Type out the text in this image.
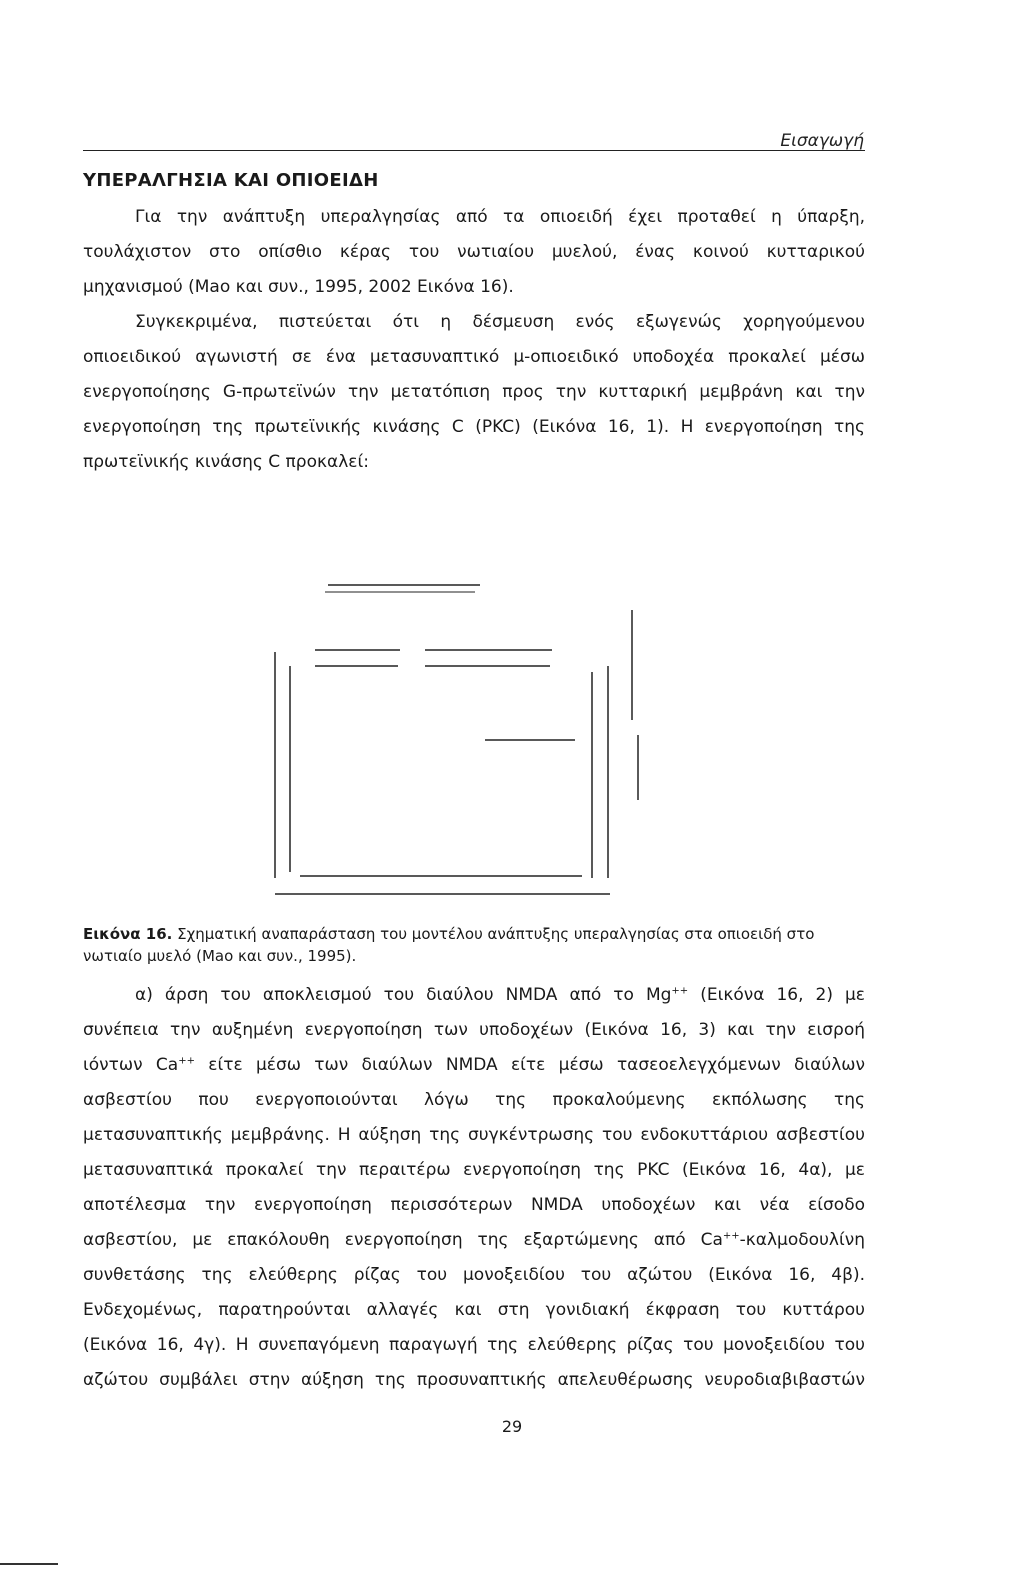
Εισαγωγή
ΥΠΕΡΑΛΓΗΣΙΑ ΚΑΙ ΟΠΙΟΕΙΔΗ
Για την ανάπτυξη υπεραλγησίας από τα οπιοειδή έχει προταθεί η ύπαρξη,
τουλάχιστον στο οπίσθιο κέρας του νωτιαίου μυελού, ένας κοινού κυτταρικού
μηχανισμού (Mao και συν., 1995, 2002 Εικόνα 16).
Συγκεκριμένα, πιστεύεται ότι η δέσμευση ενός εξωγενώς χορηγούμενου
οπιοειδικού αγωνιστή σε ένα μετασυναπτικό μ-οπιοειδικό υποδοχέα προκαλεί μέσω
ενεργοποίησης G-πρωτεϊνών την μετατόπιση προς την κυτταρική μεμβράνη και την
ενεργοποίηση της πρωτεϊνικής κινάσης C (PKC) (Εικόνα 16, 1). Η ενεργοποίηση της
πρωτεϊνικής κινάσης C προκαλεί:
Εικόνα 16. Σχηματική αναπαράσταση του μοντέλου ανάπτυξης υπεραλγησίας στα οπιοειδή στο νωτιαίο μυελό (Mao και συν., 1995).
α) άρση του αποκλεισμού του διαύλου NMDA από το Mg++ (Εικόνα 16, 2) με
συνέπεια την αυξημένη ενεργοποίηση των υποδοχέων (Εικόνα 16, 3) και την εισροή
ιόντων Ca++ είτε μέσω των διαύλων NMDA είτε μέσω τασεοελεγχόμενων διαύλων
ασβεστίου που ενεργοποιούνται λόγω της προκαλούμενης εκπόλωσης της
μετασυναπτικής μεμβράνης. Η αύξηση της συγκέντρωσης του ενδοκυττάριου ασβεστίου
μετασυναπτικά προκαλεί την περαιτέρω ενεργοποίηση της PKC (Εικόνα 16, 4α), με
αποτέλεσμα την ενεργοποίηση περισσότερων NMDA υποδοχέων και νέα είσοδο
ασβεστίου, με επακόλουθη ενεργοποίηση της εξαρτώμενης από Ca++-καλμοδουλίνη
συνθετάσης της ελεύθερης ρίζας του μονοξειδίου του αζώτου (Εικόνα 16, 4β).
Ενδεχομένως, παρατηρούνται αλλαγές και στη γονιδιακή έκφραση του κυττάρου
(Εικόνα 16, 4γ). Η συνεπαγόμενη παραγωγή της ελεύθερης ρίζας του μονοξειδίου του
αζώτου συμβάλει στην αύξηση της προσυναπτικής απελευθέρωσης νευροδιαβιβαστών
29
